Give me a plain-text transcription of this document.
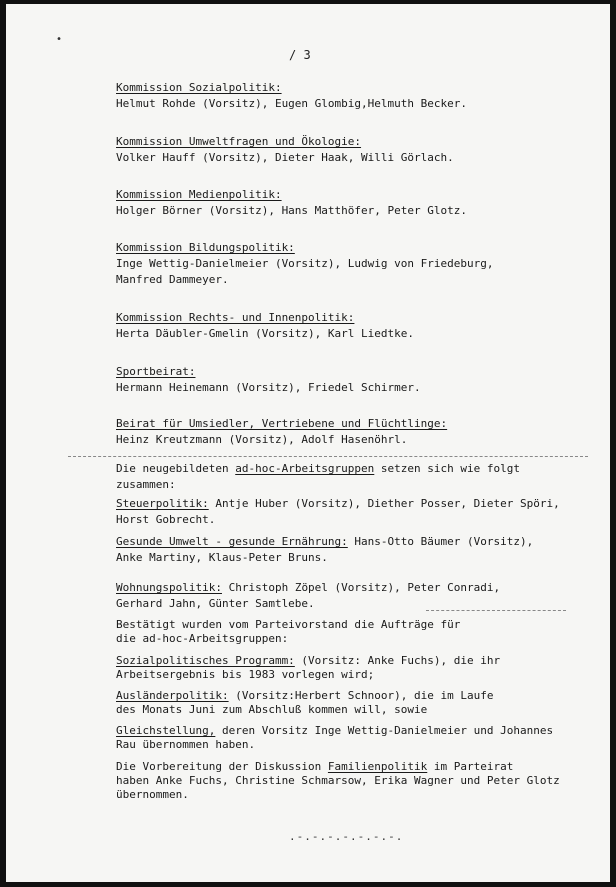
•
/ 3
Kommission Sozialpolitik:
Helmut Rohde (Vorsitz), Eugen Glombig,Helmuth Becker.
Kommission Umweltfragen und Ökologie:
Volker Hauff (Vorsitz), Dieter Haak, Willi Görlach.
Kommission Medienpolitik:
Holger Börner (Vorsitz), Hans Matthöfer, Peter Glotz.
Kommission Bildungspolitik:
Inge Wettig-Danielmeier (Vorsitz), Ludwig von Friedeburg,
Manfred Dammeyer.
Kommission Rechts- und Innenpolitik:
Herta Däubler-Gmelin (Vorsitz), Karl Liedtke.
Sportbeirat:
Hermann Heinemann (Vorsitz), Friedel Schirmer.
Beirat für Umsiedler, Vertriebene und Flüchtlinge:
Heinz Kreutzmann (Vorsitz), Adolf Hasenöhrl.
Die neugebildeten ad-hoc-Arbeitsgruppen setzen sich wie folgt
zusammen:
Steuerpolitik: Antje Huber (Vorsitz), Diether Posser, Dieter Spöri,
Horst Gobrecht.
Gesunde Umwelt - gesunde Ernährung: Hans-Otto Bäumer (Vorsitz),
Anke Martiny, Klaus-Peter Bruns.
Wohnungspolitik: Christoph Zöpel (Vorsitz), Peter Conradi,
Gerhard Jahn, Günter Samtlebe.
Bestätigt wurden vom Parteivorstand die Aufträge für
die ad-hoc-Arbeitsgruppen:
Sozialpolitisches Programm: (Vorsitz: Anke Fuchs), die ihr
Arbeitsergebnis bis 1983 vorlegen wird;
Ausländerpolitik: (Vorsitz:Herbert Schnoor), die im Laufe
des Monats Juni zum Abschluß kommen will, sowie
Gleichstellung, deren Vorsitz Inge Wettig-Danielmeier und Johannes
Rau übernommen haben.
Die Vorbereitung der Diskussion Familienpolitik im Parteirat
haben Anke Fuchs, Christine Schmarsow, Erika Wagner und Peter Glotz
übernommen.
.-.-.-.-.-.-.-.
